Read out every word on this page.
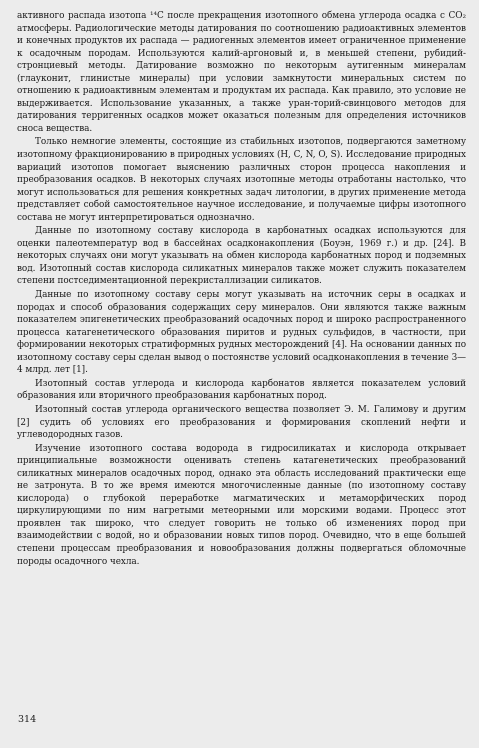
активного распада изотопа ¹⁴C после прекращения изотопного обмена углерода осадка с CO₂ атмосферы. Радиологические методы датирования по соотношению радиоактивных элементов и конечных продуктов их распада — радиогенных элементов имеет ограниченное применение к осадочным породам. Используются калий-аргоновый и, в меньшей степени, рубидий-стронциевый методы. Датирование возможно по некоторым аутигенным минералам (глауконит, глинистые минералы) при условии замкнутости минеральных систем по отношению к радиоактивным элементам и продуктам их распада. Как правило, это условие не выдерживается. Использование указанных, а также уран-торий-свинцового методов для датирования терригенных осадков может оказаться полезным для определения источников сноса вещества.

Только немногие элементы, состоящие из стабильных изотопов, подвергаются заметному изотопному фракционированию в природных условиях (H, C, N, O, S). Исследование природных вариаций изотопов помогает выяснению различных сторон процесса накопления и преобразования осадков. В некоторых случаях изотопные методы отработаны настолько, что могут использоваться для решения конкретных задач литологии, в других применение метода представляет собой самостоятельное научное исследование, и получаемые цифры изотопного состава не могут интерпретироваться однозначно.

Данные по изотопному составу кислорода в карбонатных осадках используются для оценки палеотемператур вод в бассейнах осадконакопления (Боуэн, 1969 г.) и др. [24]. В некоторых случаях они могут указывать на обмен кислорода карбонатных пород и подземных вод. Изотопный состав кислорода силикатных минералов также может служить показателем степени постседиментационной перекристаллизации силикатов.

Данные по изотопному составу серы могут указывать на источник серы в осадках и породах и способ образования содержащих серу минералов. Они являются также важным показателем эпигенетических преобразований осадочных пород и широко распространенного процесса катагенетического образования пиритов и рудных сульфидов, в частности, при формировании некоторых стратиформных рудных месторождений [4]. На основании данных по изотопному составу серы сделан вывод о постоянстве условий осадконакопления в течение 3—4 млрд. лет [1].

Изотопный состав углерода и кислорода карбонатов является показателем условий образования или вторичного преобразования карбонатных пород.

Изотопный состав углерода органического вещества позволяет Э. М. Галимову и другим [2] судить об условиях его преобразования и формирования скоплений нефти и углеводородных газов.

Изучение изотопного состава водорода в гидросиликатах и кислорода открывает принципиальные возможности оценивать степень катагенетических преобразований силикатных минералов осадочных пород, однако эта область исследований практически еще не затронута. В то же время имеются многочисленные данные (по изотопному составу кислорода) о глубокой переработке магматических и метаморфических пород циркулирующими по ним нагретыми метеорными или морскими водами. Процесс этот проявлен так широко, что следует говорить не только об изменениях пород при взаимодействии с водой, но и образовании новых типов пород. Очевидно, что в еще большей степени процессам преобразования и новообразования должны подвергаться обломочные породы осадочного чехла.

314
